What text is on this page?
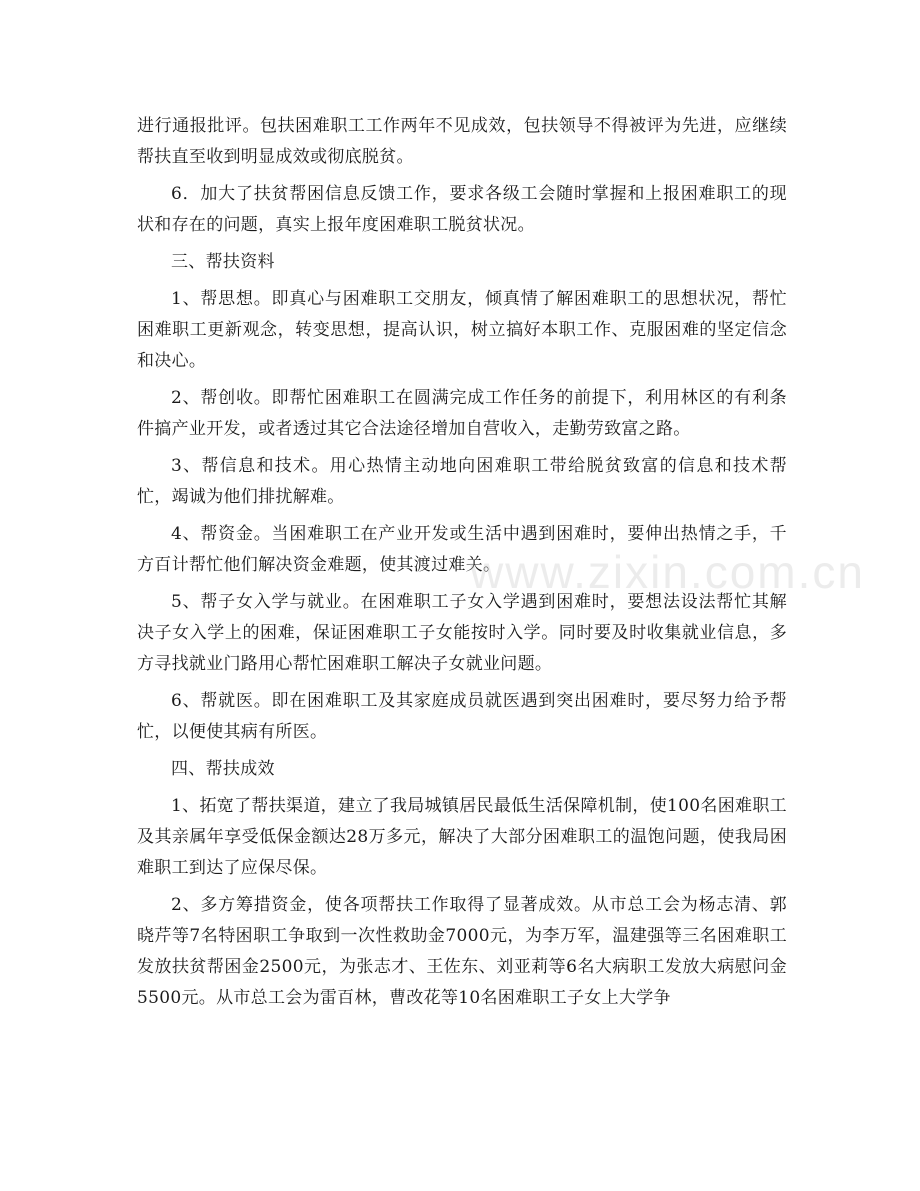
进行通报批评。包扶困难职工工作两年不见成效，包扶领导不得被评为先进，应继续帮扶直至收到明显成效或彻底脱贫。

6．加大了扶贫帮困信息反馈工作，要求各级工会随时掌握和上报困难职工的现状和存在的问题，真实上报年度困难职工脱贫状况。

三、帮扶资料

1、帮思想。即真心与困难职工交朋友，倾真情了解困难职工的思想状况，帮忙困难职工更新观念，转变思想，提高认识，树立搞好本职工作、克服困难的坚定信念和决心。

2、帮创收。即帮忙困难职工在圆满完成工作任务的前提下，利用林区的有利条件搞产业开发，或者透过其它合法途径增加自营收入，走勤劳致富之路。

3、帮信息和技术。用心热情主动地向困难职工带给脱贫致富的信息和技术帮忙，竭诚为他们排扰解难。

4、帮资金。当困难职工在产业开发或生活中遇到困难时，要伸出热情之手，千方百计帮忙他们解决资金难题，使其渡过难关。

5、帮子女入学与就业。在困难职工子女入学遇到困难时，要想法设法帮忙其解决子女入学上的困难，保证困难职工子女能按时入学。同时要及时收集就业信息，多方寻找就业门路用心帮忙困难职工解决子女就业问题。

6、帮就医。即在困难职工及其家庭成员就医遇到突出困难时，要尽努力给予帮忙，以便使其病有所医。

四、帮扶成效

1、拓宽了帮扶渠道，建立了我局城镇居民最低生活保障机制，使100名困难职工及其亲属年享受低保金额达28万多元，解决了大部分困难职工的温饱问题，使我局困难职工到达了应保尽保。

2、多方筹措资金，使各项帮扶工作取得了显著成效。从市总工会为杨志清、郭晓芹等7名特困职工争取到一次性救助金7000元，为李万军，温建强等三名困难职工发放扶贫帮困金2500元，为张志才、王佐东、刘亚莉等6名大病职工发放大病慰问金5500元。从市总工会为雷百林，曹改花等10名困难职工子女上大学争

www.zixin.com.cn
